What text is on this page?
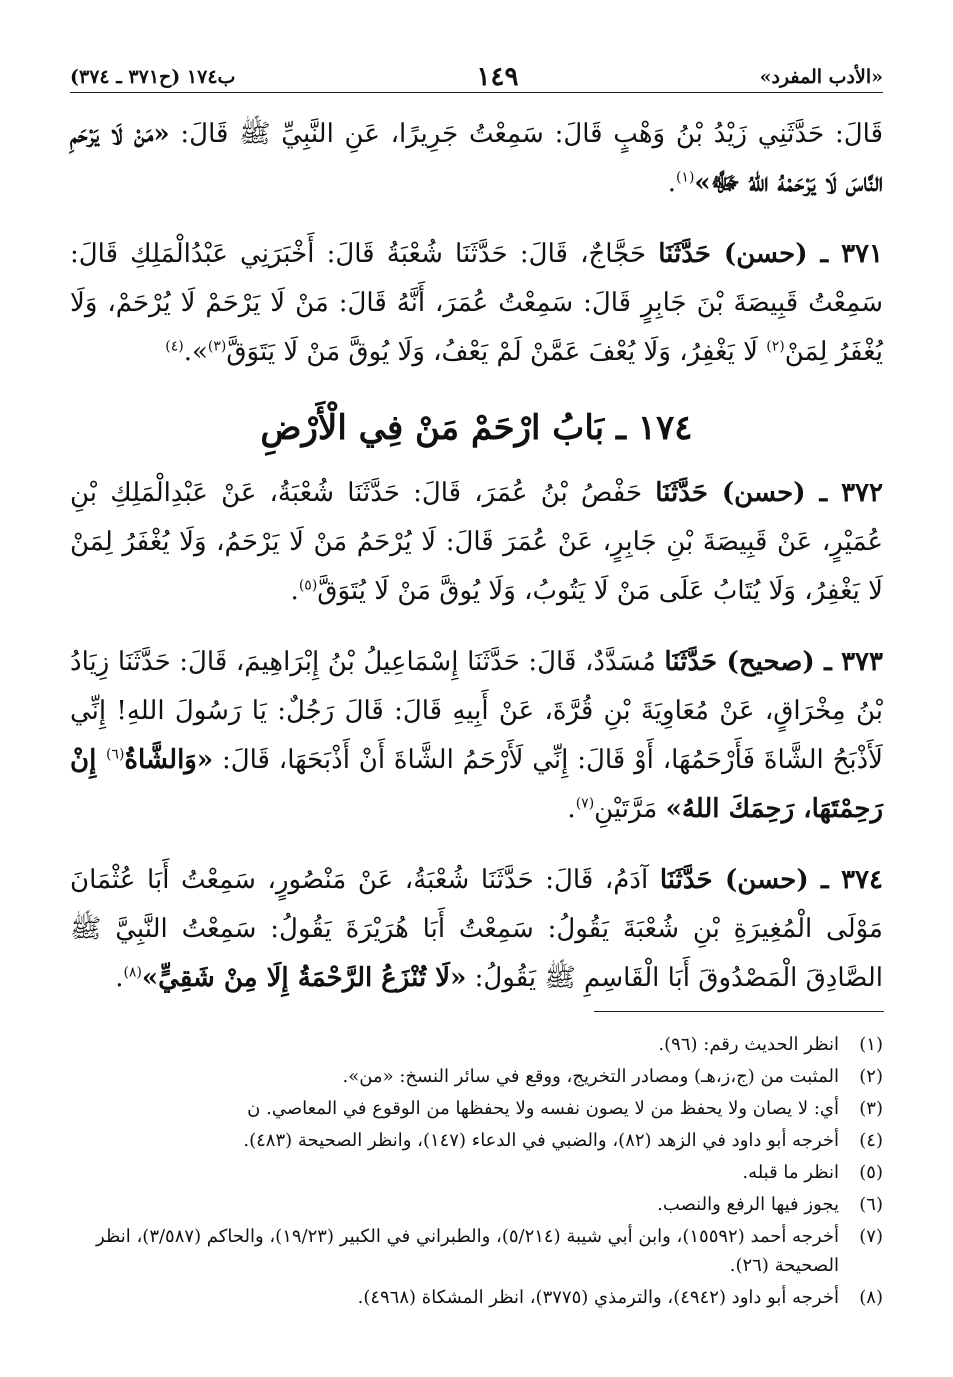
«الأدب المفرد»
١٤٩
ب١٧٤ (ح٣٧١ ـ ٣٧٤)

قَالَ: حَدَّثَنِي زَيْدُ بْنُ وَهْبٍ قَالَ: سَمِعْتُ جَرِيرًا، عَنِ النَّبِيِّ ﷺ قَالَ: «مَنْ لَا يَرْحَمِ النَّاسَ لَا يَرْحَمْهُ اللهُ ﷻ»$^{(١)}$.

٣٧١ ـ (حسن) حَدَّثَنَا حَجَّاجٌ، قَالَ: حَدَّثَنَا شُعْبَةُ قَالَ: أَخْبَرَنِي عَبْدُالْمَلِكِ قَالَ: سَمِعْتُ قَبِيصَةَ بْنَ جَابِرٍ قَالَ: سَمِعْتُ عُمَرَ، أَنَّهُ قَالَ: مَنْ لَا يَرْحَمْ لَا يُرْحَمْ، وَلَا يُغْفَرُ لِمَنْ$^{(٢)}$ لَا يَغْفِرُ، وَلَا يُعْفَ عَمَّنْ لَمْ يَعْفُ، وَلَا يُوقَّ مَنْ لَا يَتَوَقَّ$^{(٣)}$».$^{(٤)}$

١٧٤ ـ بَابُ ارْحَمْ مَنْ فِي الْأَرْضِ

٣٧٢ ـ (حسن) حَدَّثَنَا حَفْصُ بْنُ عُمَرَ، قَالَ: حَدَّثَنَا شُعْبَةُ، عَنْ عَبْدِالْمَلِكِ بْنِ عُمَيْرٍ، عَنْ قَبِيصَةَ بْنِ جَابِرٍ، عَنْ عُمَرَ قَالَ: لَا يُرْحَمُ مَنْ لَا يَرْحَمُ، وَلَا يُغْفَرُ لِمَنْ لَا يَغْفِرُ، وَلَا يُتَابُ عَلَى مَنْ لَا يَتُوبُ، وَلَا يُوقَّ مَنْ لَا يُتَوَقَّ$^{(٥)}$.

٣٧٣ ـ (صحيح) حَدَّثَنَا مُسَدَّدٌ، قَالَ: حَدَّثَنَا إِسْمَاعِيلُ بْنُ إِبْرَاهِيمَ، قَالَ: حَدَّثَنَا زِيَادُ بْنُ مِخْرَاقٍ، عَنْ مُعَاوِيَةَ بْنِ قُرَّةَ، عَنْ أَبِيهِ قَالَ: قَالَ رَجُلٌ: يَا رَسُولَ اللهِ! إِنِّي لَأَذْبَحُ الشَّاةَ فَأَرْحَمُهَا، أَوْ قَالَ: إِنِّي لَأَرْحَمُ الشَّاةَ أَنْ أَذْبَحَهَا، قَالَ: «وَالشَّاةُ$^{(٦)}$ إِنْ رَحِمْتَهَا، رَحِمَكَ اللهُ» مَرَّتَيْنِ$^{(٧)}$.

٣٧٤ ـ (حسن) حَدَّثَنَا آدَمُ، قَالَ: حَدَّثَنَا شُعْبَةُ، عَنْ مَنْصُورٍ، سَمِعْتُ أَبَا عُثْمَانَ مَوْلَى الْمُغِيرَةِ بْنِ شُعْبَةَ يَقُولُ: سَمِعْتُ أَبَا هُرَيْرَةَ يَقُولُ: سَمِعْتُ النَّبِيَّ ﷺ الصَّادِقَ الْمَصْدُوقَ أَبَا الْقَاسِمِ ﷺ يَقُولُ: «لَا تُنْزَعُ الرَّحْمَةُ إِلَا مِنْ شَقِيٍّ»$^{(٨)}$.

(١)
انظر الحديث رقم: (٩٦).
(٢)
المثبت من (ج،ز،هـ) ومصادر التخريج، ووقع في سائر النسخ: «من».
(٣)
أي: لا يصان ولا يحفظ من لا يصون نفسه ولا يحفظها من الوقوع في المعاصي. ن
(٤)
أخرجه أبو داود في الزهد (٨٢)، والضبي في الدعاء (١٤٧)، وانظر الصحيحة (٤٨٣).
(٥)
انظر ما قبله.
(٦)
يجوز فيها الرفع والنصب.
(٧)
أخرجه أحمد (١٥٥٩٢)، وابن أبي شيبة (٥/٢١٤)، والطبراني في الكبير (١٩/٢٣)، والحاكم (٣/٥٨٧)، انظر الصحيحة (٢٦).
(٨)
أخرجه أبو داود (٤٩٤٢)، والترمذي (٣٧٧٥)، انظر المشكاة (٤٩٦٨).
